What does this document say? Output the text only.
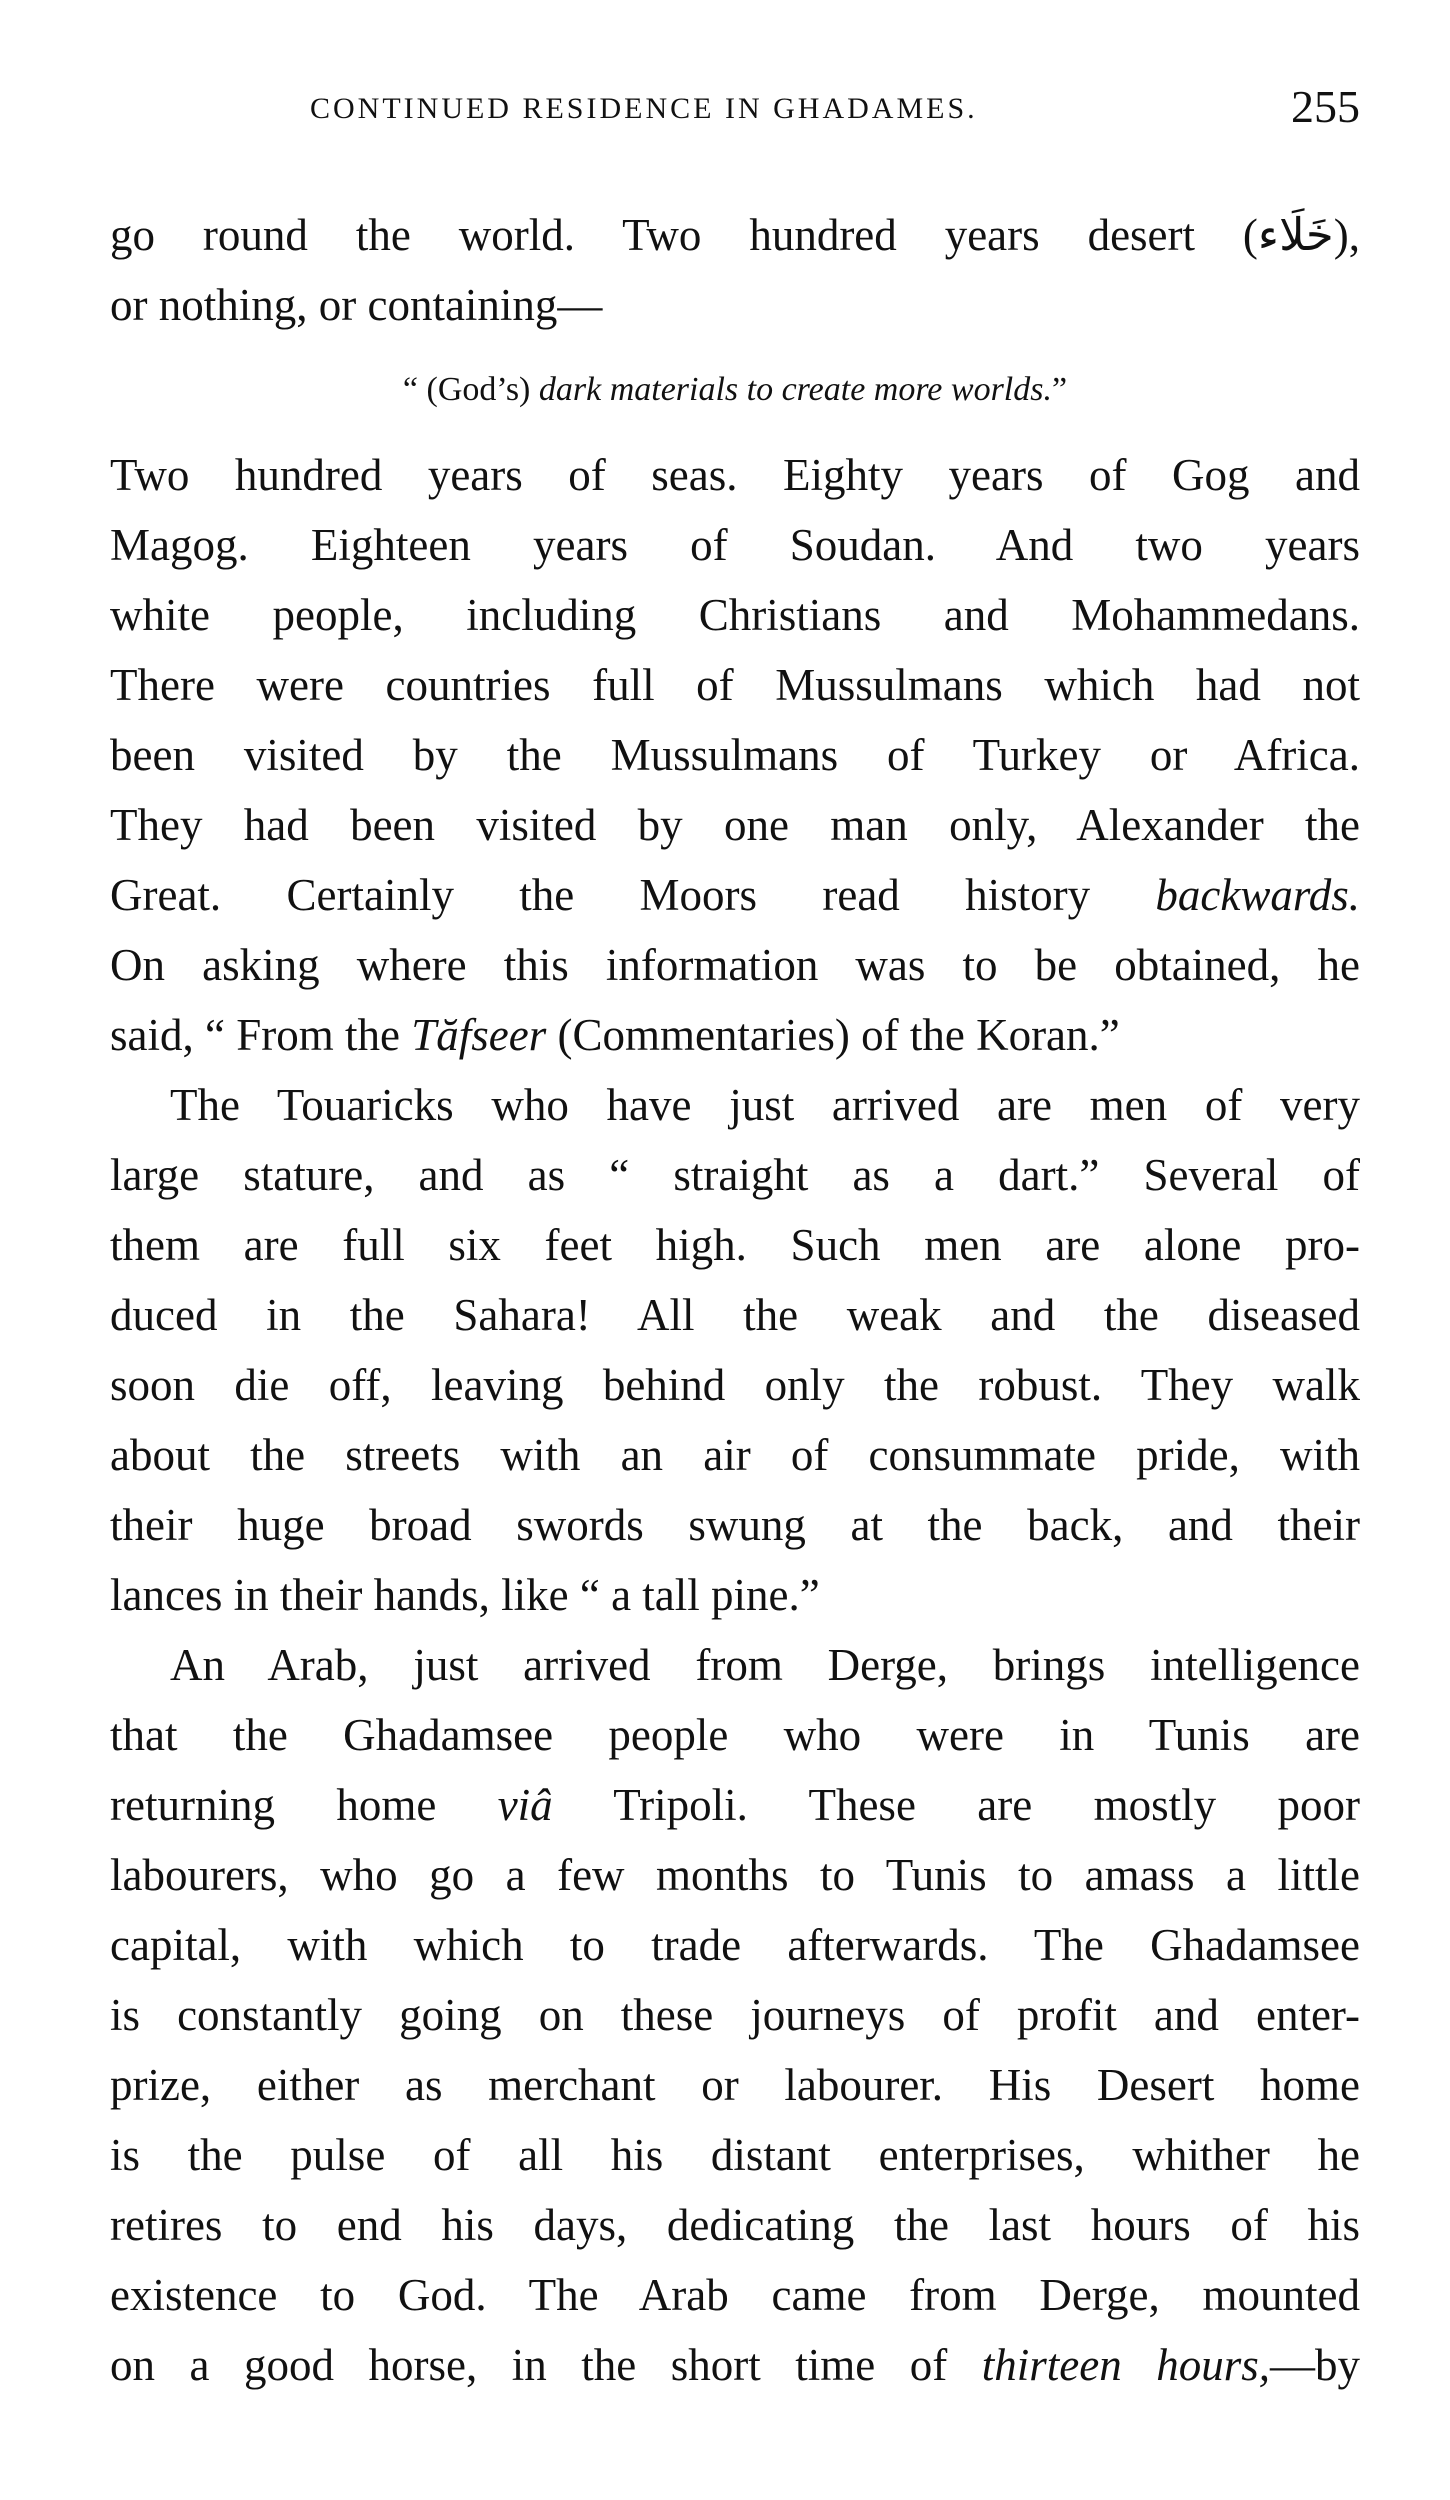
CONTINUED RESIDENCE IN GHADAMES.	255
go round the world. Two hundred years desert (خَلَاء),
or nothing, or containing—
“ (God’s) dark materials to create more worlds.”
Two hundred years of seas. Eighty years of Gog and
Magog. Eighteen years of Soudan. And two years
white people, including Christians and Mohammedans.
There were countries full of Mussulmans which had not
been visited by the Mussulmans of Turkey or Africa.
They had been visited by one man only, Alexander the
Great. Certainly the Moors read history backwards.
On asking where this information was to be obtained, he
said, “ From the Tăfseer (Commentaries) of the Koran.”
The Touaricks who have just arrived are men of very
large stature, and as “ straight as a dart.” Several of
them are full six feet high. Such men are alone pro-
duced in the Sahara! All the weak and the diseased
soon die off, leaving behind only the robust. They walk
about the streets with an air of consummate pride, with
their huge broad swords swung at the back, and their
lances in their hands, like “ a tall pine.”
An Arab, just arrived from Derge, brings intelligence
that the Ghadamsee people who were in Tunis are
returning home viâ Tripoli. These are mostly poor
labourers, who go a few months to Tunis to amass a little
capital, with which to trade afterwards. The Ghadamsee
is constantly going on these journeys of profit and enter-
prize, either as merchant or labourer. His Desert home
is the pulse of all his distant enterprises, whither he
retires to end his days, dedicating the last hours of his
existence to God. The Arab came from Derge, mounted
on a good horse, in the short time of thirteen hours,—by
